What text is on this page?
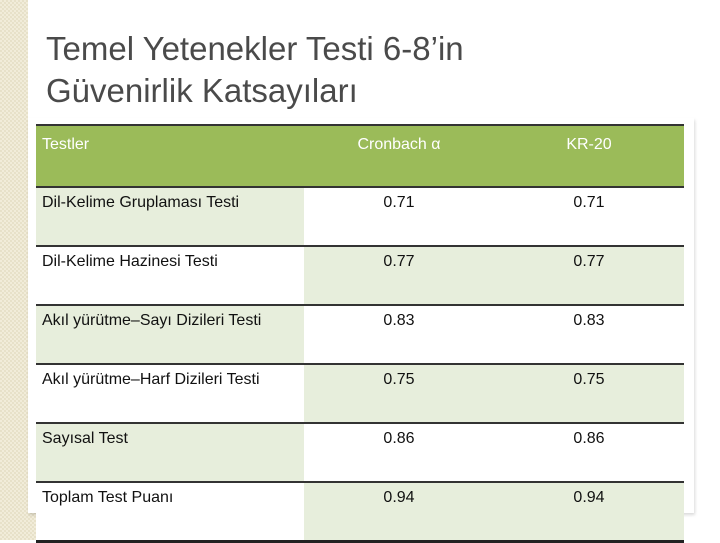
Temel Yetenekler Testi 6-8’in
Güvenirlik Katsayıları
Testler	Cronbach α	KR-20
Dil-Kelime Gruplaması Testi	0.71	0.71
Dil-Kelime Hazinesi Testi	0.77	0.77
Akıl yürütme–Sayı Dizileri Testi	0.83	0.83
Akıl yürütme–Harf Dizileri Testi	0.75	0.75
Sayısal Test	0.86	0.86
Toplam Test Puanı	0.94	0.94
